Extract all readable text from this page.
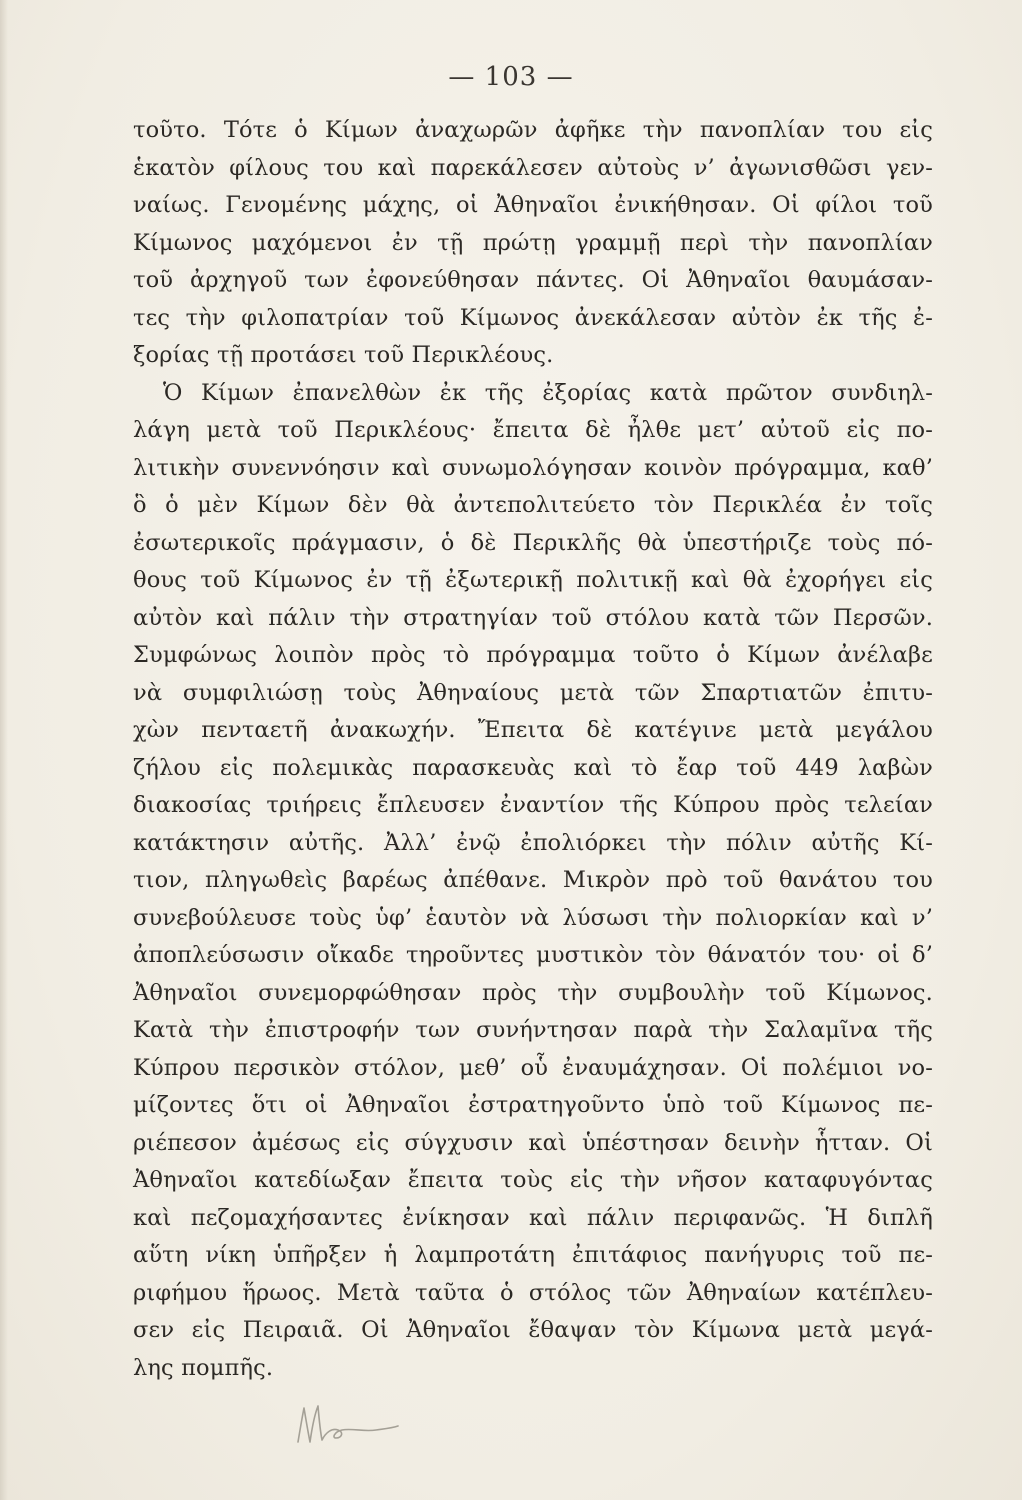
— 103 —
τοῦτο. Τότε ὁ Κίμων ἀναχωρῶν ἀφῆκε τὴν πανοπλίαν του εἰς
ἑκατὸν φίλους του καὶ παρεκάλεσεν αὐτοὺς ν’ ἀγωνισθῶσι γεν-
ναίως. Γενομένης μάχης, οἱ Ἀθηναῖοι ἐνικήθησαν. Οἱ φίλοι τοῦ
Κίμωνος μαχόμενοι ἐν τῇ πρώτῃ γραμμῇ περὶ τὴν πανοπλίαν
τοῦ ἀρχηγοῦ των ἐφονεύθησαν πάντες. Οἱ Ἀθηναῖοι θαυμάσαν-
τες τὴν φιλοπατρίαν τοῦ Κίμωνος ἀνεκάλεσαν αὐτὸν ἐκ τῆς ἐ-
ξορίας τῇ προτάσει τοῦ Περικλέους.
Ὁ Κίμων ἐπανελθὼν ἐκ τῆς ἐξορίας κατὰ πρῶτον συνδιηλ-
λάγη μετὰ τοῦ Περικλέους· ἔπειτα δὲ ἦλθε μετ’ αὐτοῦ εἰς πο-
λιτικὴν συνεννόησιν καὶ συνωμολόγησαν κοινὸν πρόγραμμα, καθ’
ὃ ὁ μὲν Κίμων δὲν θὰ ἀντεπολιτεύετο τὸν Περικλέα ἐν τοῖς
ἐσωτερικοῖς πράγμασιν, ὁ δὲ Περικλῆς θὰ ὑπεστήριζε τοὺς πό-
θους τοῦ Κίμωνος ἐν τῇ ἐξωτερικῇ πολιτικῇ καὶ θὰ ἐχορήγει εἰς
αὐτὸν καὶ πάλιν τὴν στρατηγίαν τοῦ στόλου κατὰ τῶν Περσῶν.
Συμφώνως λοιπὸν πρὸς τὸ πρόγραμμα τοῦτο ὁ Κίμων ἀνέλαβε
νὰ συμφιλιώσῃ τοὺς Ἀθηναίους μετὰ τῶν Σπαρτιατῶν ἐπιτυ-
χὼν πενταετῆ ἀνακωχήν. Ἔπειτα δὲ κατέγινε μετὰ μεγάλου
ζήλου εἰς πολεμικὰς παρασκευὰς καὶ τὸ ἔαρ τοῦ 449 λαβὼν
διακοσίας τριήρεις ἔπλευσεν ἐναντίον τῆς Κύπρου πρὸς τελείαν
κατάκτησιν αὐτῆς. Ἀλλ’ ἐνῷ ἐπολιόρκει τὴν πόλιν αὐτῆς Κί-
τιον, πληγωθεὶς βαρέως ἀπέθανε. Μικρὸν πρὸ τοῦ θανάτου του
συνεβούλευσε τοὺς ὑφ’ ἑαυτὸν νὰ λύσωσι τὴν πολιορκίαν καὶ ν’
ἀποπλεύσωσιν οἴκαδε τηροῦντες μυστικὸν τὸν θάνατόν του· οἱ δ’
Ἀθηναῖοι συνεμορφώθησαν πρὸς τὴν συμβουλὴν τοῦ Κίμωνος.
Κατὰ τὴν ἐπιστροφήν των συνήντησαν παρὰ τὴν Σαλαμῖνα τῆς
Κύπρου περσικὸν στόλον, μεθ’ οὗ ἐναυμάχησαν. Οἱ πολέμιοι νο-
μίζοντες ὅτι οἱ Ἀθηναῖοι ἐστρατηγοῦντο ὑπὸ τοῦ Κίμωνος πε-
ριέπεσον ἀμέσως εἰς σύγχυσιν καὶ ὑπέστησαν δεινὴν ἧτταν. Οἱ
Ἀθηναῖοι κατεδίωξαν ἔπειτα τοὺς εἰς τὴν νῆσον καταφυγόντας
καὶ πεζομαχήσαντες ἐνίκησαν καὶ πάλιν περιφανῶς. Ἡ διπλῆ
αὕτη νίκη ὑπῆρξεν ἡ λαμπροτάτη ἐπιτάφιος πανήγυρις τοῦ πε-
ριφήμου ἥρωος. Μετὰ ταῦτα ὁ στόλος τῶν Ἀθηναίων κατέπλευ-
σεν εἰς Πειραιᾶ. Οἱ Ἀθηναῖοι ἔθαψαν τὸν Κίμωνα μετὰ μεγά-
λης πομπῆς.
